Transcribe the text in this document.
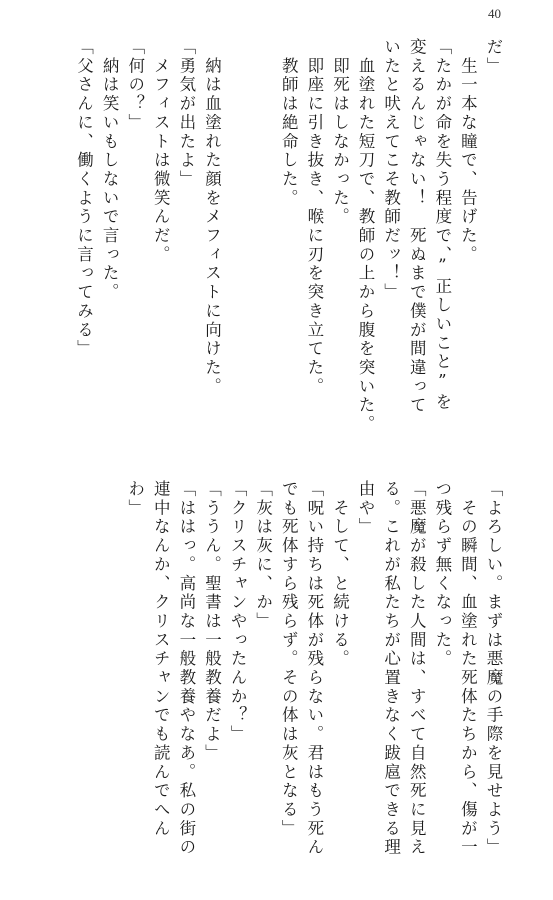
40
だ」
　生一本な瞳で、告げた。
「たかが命を失う程度で、”正しいこと”を
変えるんじゃない！　死ぬまで僕が間違って
いたと吠えてこそ教師だッ！」
　血塗れた短刀で、教師の上から腹を突いた。
　即死はしなかった。
　即座に引き抜き、喉に刃を突き立てた。
　教師は絶命した。
　納は血塗れた顔をメフィストに向けた。
「勇気が出たよ」
　メフィストは微笑んだ。
「何の？」
　納は笑いもしないで言った。
「父さんに、働くように言ってみる」
「よろしい。まずは悪魔の手際を見せよう」
　その瞬間、血塗れた死体たちから、傷が一
つ残らず無くなった。
「悪魔が殺した人間は、すべて自然死に見え
る。これが私たちが心置きなく跋扈できる理
由や」
　そして、と続ける。
「呪い持ちは死体が残らない。君はもう死ん
でも死体すら残らず。その体は灰となる」
「灰は灰に、か」
「クリスチャンやったんか？」
「ううん。聖書は一般教養だよ」
「ははっ。高尚な一般教養やなあ。私の街の
連中なんか、クリスチャンでも読んでへん
わ」
